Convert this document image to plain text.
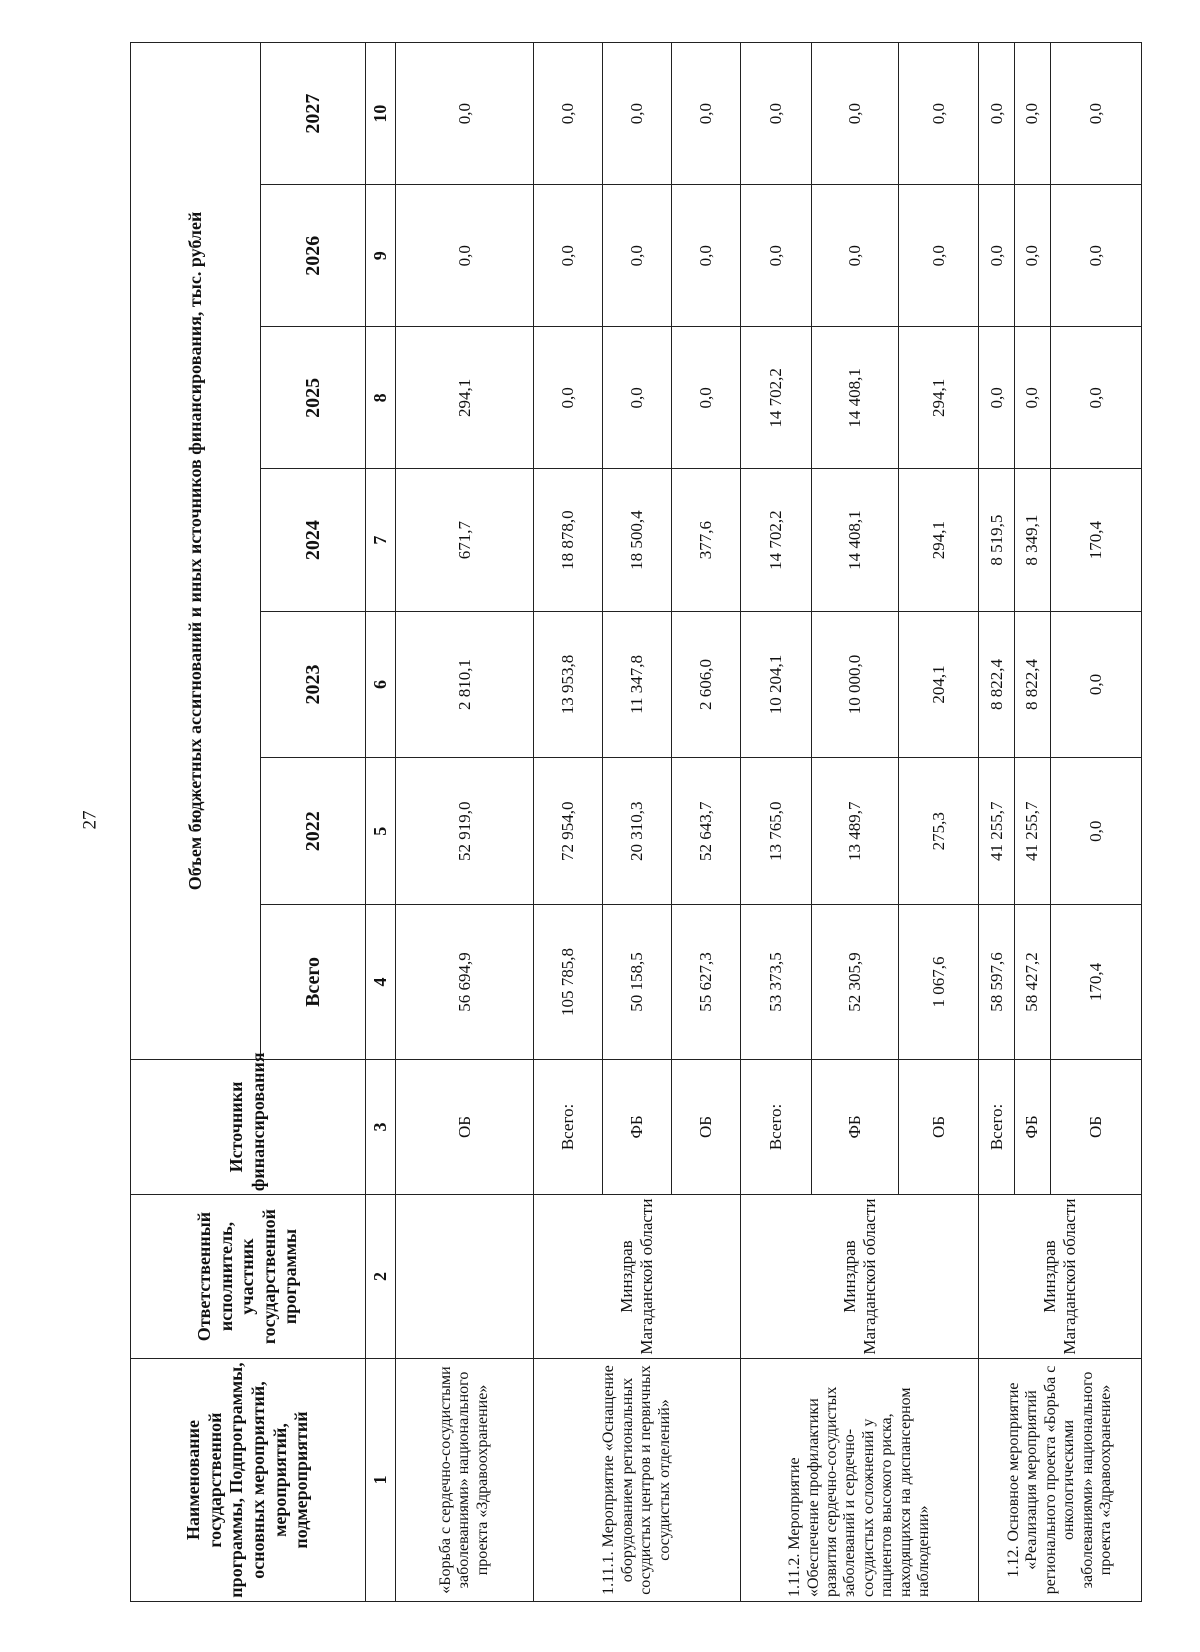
27
Наименование государственной программы, Подпрограммы, основных мероприятий, мероприятий, подмероприятий	Ответственный исполнитель, участник государственной программы	Источники финансирования	Объем бюджетных ассигнований и иных источников финансирования, тыс. рублей						
			Всего	2022	2023	2024	2025	2026	2027
1	2	3	4	5	6	7	8	9	10
«Борьба с сердечно-сосудистыми заболеваниями» национального проекта «Здравоохранение»		ОБ	56 694,9	52 919,0	2 810,1	671,7	294,1	0,0	0,0
1.11.1. Мероприятие «Оснащение оборудованием региональных сосудистых центров и первичных сосудистых отделений»	Минздрав Магаданской области	Всего:	105 785,8	72 954,0	13 953,8	18 878,0	0,0	0,0	0,0
		ФБ	50 158,5	20 310,3	11 347,8	18 500,4	0,0	0,0	0,0
		ОБ	55 627,3	52 643,7	2 606,0	377,6	0,0	0,0	0,0
1.11.2. Мероприятие «Обеспечение профилактики развития сердечно-сосудистых заболеваний и сердечно-сосудистых осложнений у пациентов высокого риска, находящихся на диспансерном наблюдении»	Минздрав Магаданской области	Всего:	53 373,5	13 765,0	10 204,1	14 702,2	14 702,2	0,0	0,0
		ФБ	52 305,9	13 489,7	10 000,0	14 408,1	14 408,1	0,0	0,0
		ОБ	1 067,6	275,3	204,1	294,1	294,1	0,0	0,0
1.12. Основное мероприятие «Реализация мероприятий регионального проекта «Борьба с онкологическими заболеваниями» национального проекта «Здравоохранение»	Минздрав Магаданской области	Всего:	58 597,6	41 255,7	8 822,4	8 519,5	0,0	0,0	0,0
		ФБ	58 427,2	41 255,7	8 822,4	8 349,1	0,0	0,0	0,0
		ОБ	170,4	0,0	0,0	170,4	0,0	0,0	0,0
